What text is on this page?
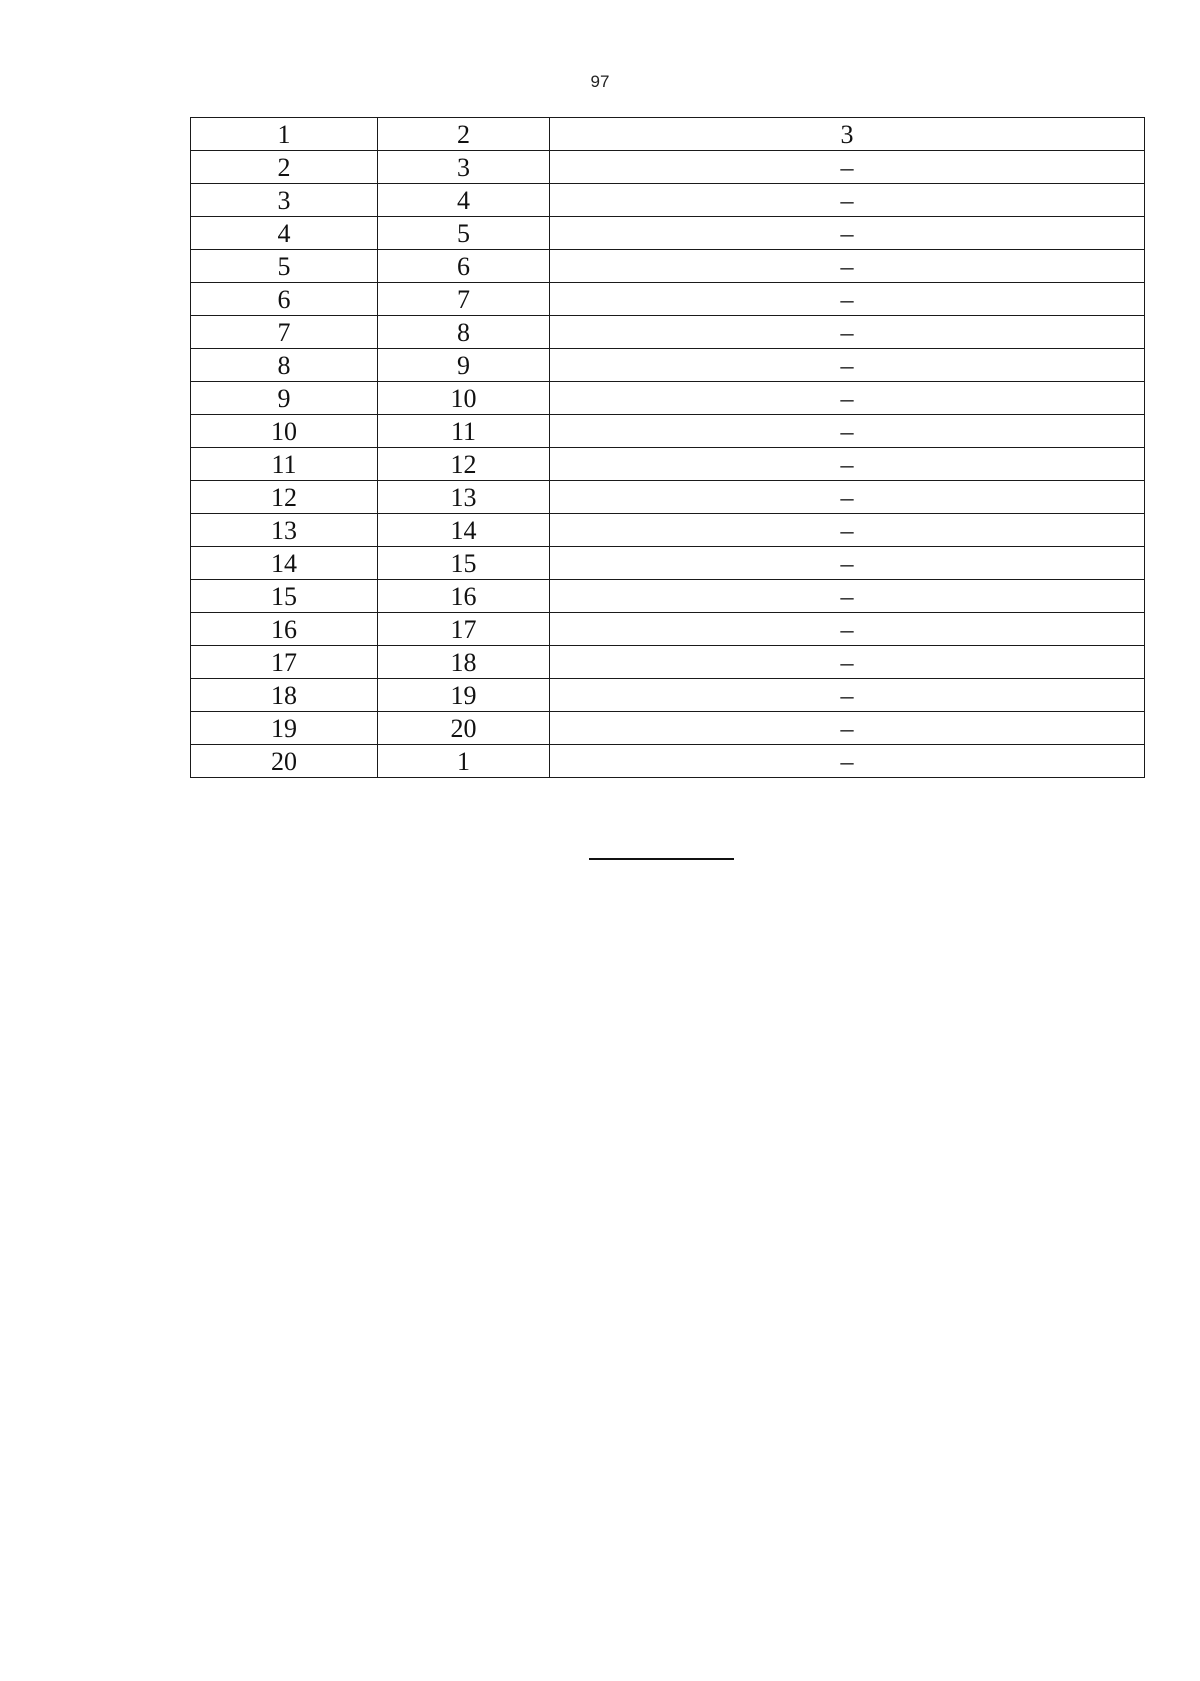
97
1	2	3
2	3	–
3	4	–
4	5	–
5	6	–
6	7	–
7	8	–
8	9	–
9	10	–
10	11	–
11	12	–
12	13	–
13	14	–
14	15	–
15	16	–
16	17	–
17	18	–
18	19	–
19	20	–
20	1	–
